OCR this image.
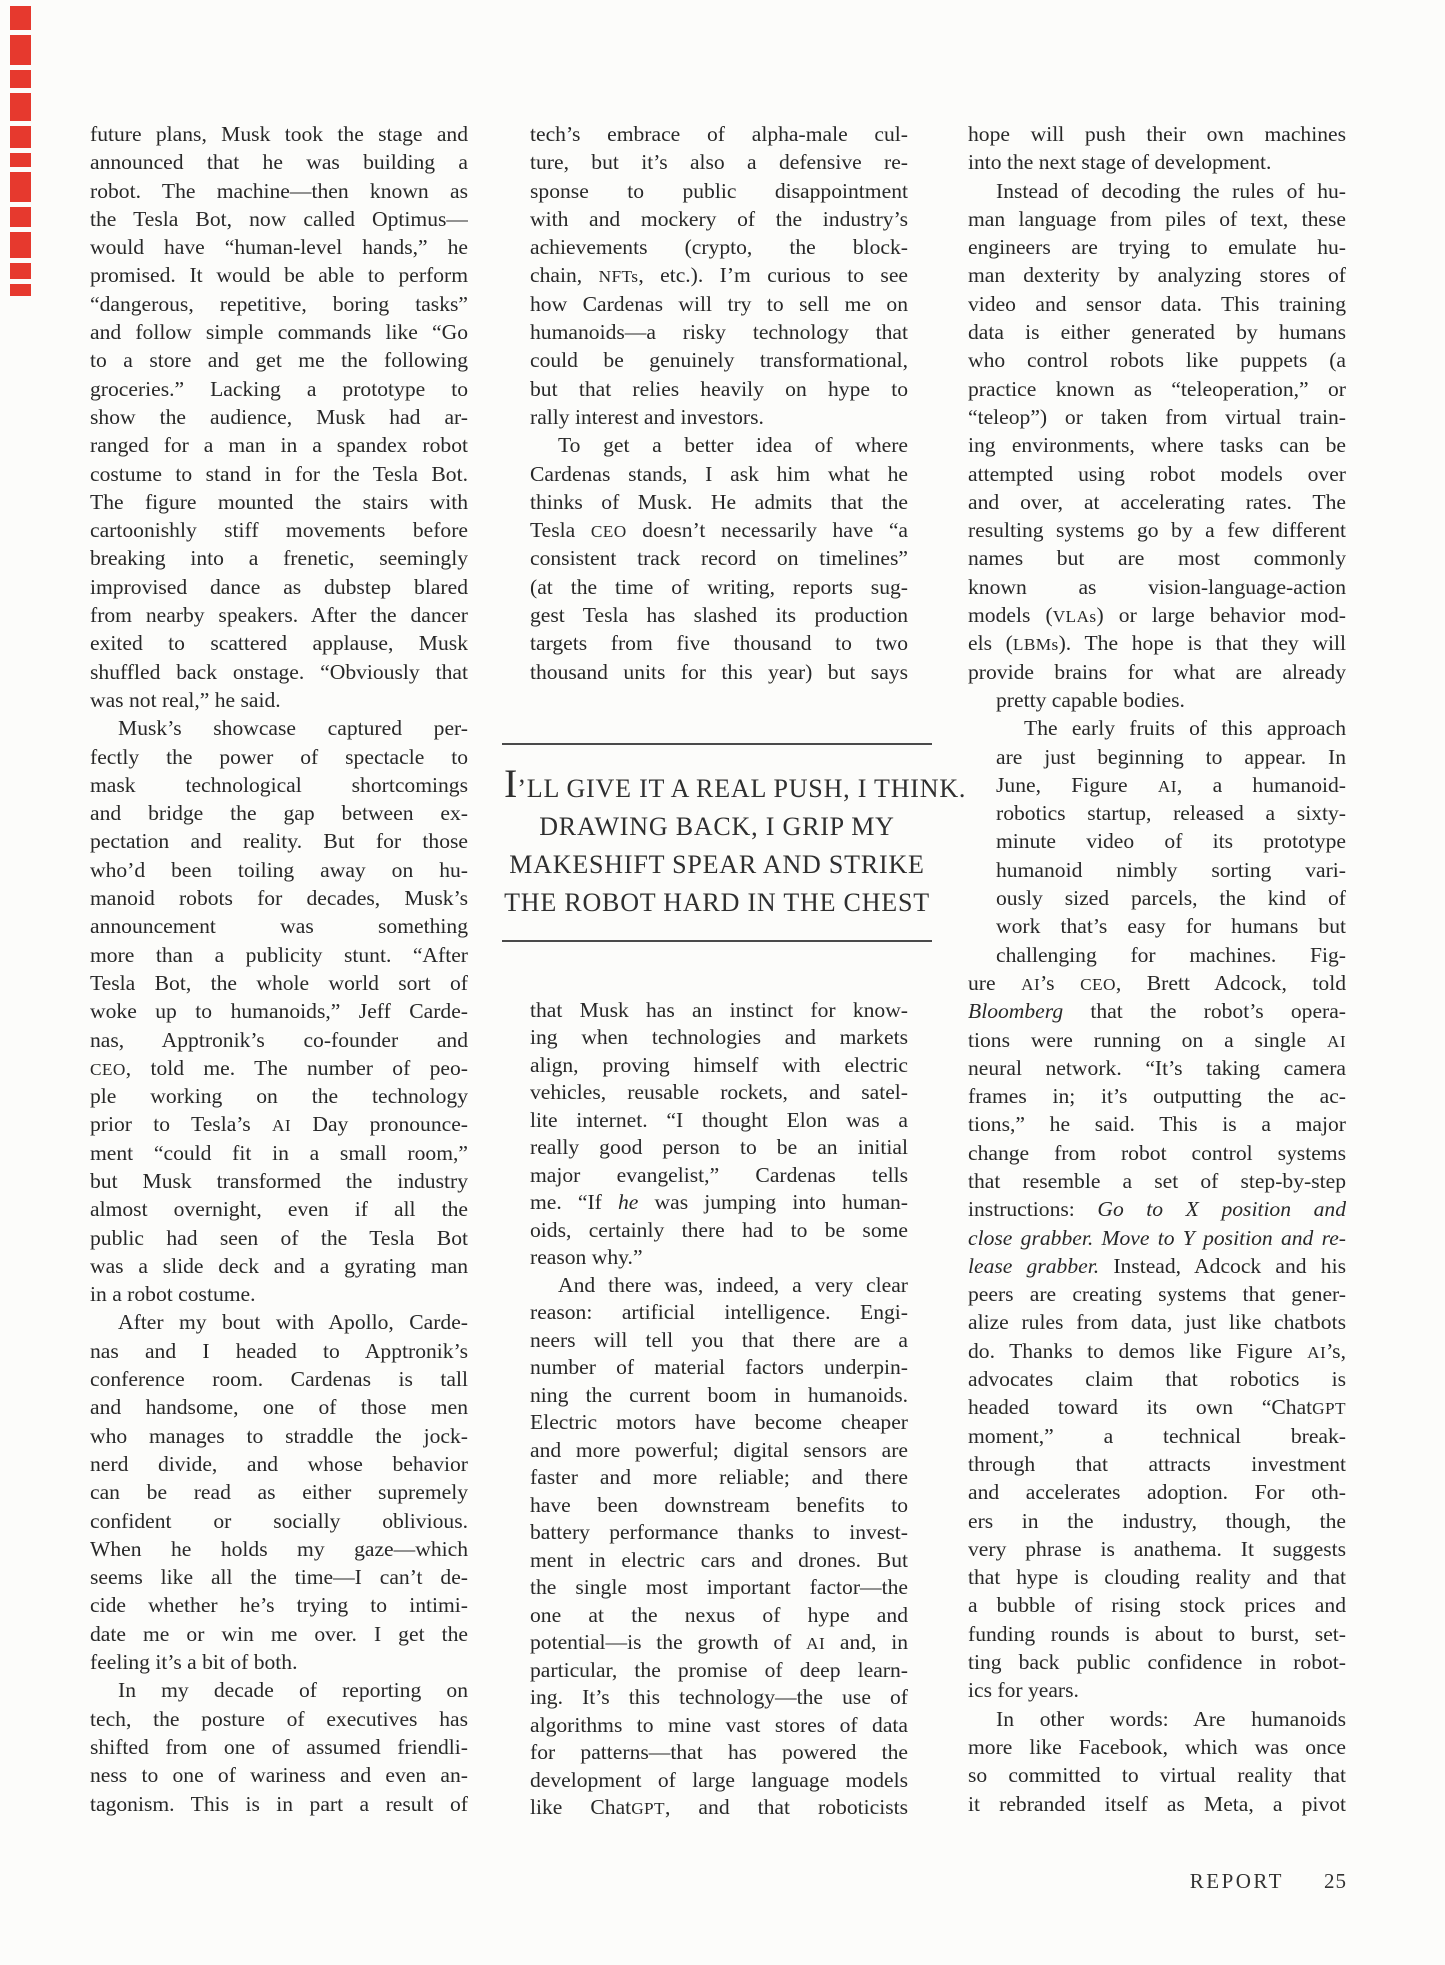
future plans, Musk took the stage and
announced that he was building a
robot. The machine—then known as
the Tesla Bot, now called Optimus—
would have “human-level hands,” he
promised. It would be able to perform
“dangerous, repetitive, boring tasks”
and follow simple commands like “Go
to a store and get me the following
groceries.” Lacking a prototype to
show the audience, Musk had ar-
ranged for a man in a spandex robot
costume to stand in for the Tesla Bot.
The figure mounted the stairs with
cartoonishly stiff movements before
breaking into a frenetic, seemingly
improvised dance as dubstep blared
from nearby speakers. After the dancer
exited to scattered applause, Musk
shuffled back onstage. “Obviously that
was not real,” he said.
Musk’s showcase captured per-
fectly the power of spectacle to
mask technological shortcomings
and bridge the gap between ex-
pectation and reality. But for those
who’d been toiling away on hu-
manoid robots for decades, Musk’s
announcement was something
more than a publicity stunt. “After
Tesla Bot, the whole world sort of
woke up to humanoids,” Jeff Carde-
nas, Apptronik’s co-founder and
CEO, told me. The number of peo-
ple working on the technology
prior to Tesla’s AI Day pronounce-
ment “could fit in a small room,”
but Musk transformed the industry
almost overnight, even if all the
public had seen of the Tesla Bot
was a slide deck and a gyrating man
in a robot costume.
After my bout with Apollo, Carde-
nas and I headed to Apptronik’s
conference room. Cardenas is tall
and handsome, one of those men
who manages to straddle the jock-
nerd divide, and whose behavior
can be read as either supremely
confident or socially oblivious.
When he holds my gaze—which
seems like all the time—I can’t de-
cide whether he’s trying to intimi-
date me or win me over. I get the
feeling it’s a bit of both.
In my decade of reporting on
tech, the posture of executives has
shifted from one of assumed friendli-
ness to one of wariness and even an-
tagonism. This is in part a result of
tech’s embrace of alpha-male cul-
ture, but it’s also a defensive re-
sponse to public disappointment
with and mockery of the industry’s
achievements (crypto, the block-
chain, NFTs, etc.). I’m curious to see
how Cardenas will try to sell me on
humanoids—a risky technology that
could be genuinely transformational,
but that relies heavily on hype to
rally interest and investors.
To get a better idea of where
Cardenas stands, I ask him what he
thinks of Musk. He admits that the
Tesla CEO doesn’t necessarily have “a
consistent track record on timelines”
(at the time of writing, reports sug-
gest Tesla has slashed its production
targets from five thousand to two
thousand units for this year) but says
I’LL GIVE IT A REAL PUSH, I THINK.
DRAWING BACK, I GRIP MY
MAKESHIFT SPEAR AND STRIKE
THE ROBOT HARD IN THE CHEST
that Musk has an instinct for know-
ing when technologies and markets
align, proving himself with electric
vehicles, reusable rockets, and satel-
lite internet. “I thought Elon was a
really good person to be an initial
major evangelist,” Cardenas tells
me. “If he was jumping into human-
oids, certainly there had to be some
reason why.”
And there was, indeed, a very clear
reason: artificial intelligence. Engi-
neers will tell you that there are a
number of material factors underpin-
ning the current boom in humanoids.
Electric motors have become cheaper
and more powerful; digital sensors are
faster and more reliable; and there
have been downstream benefits to
battery performance thanks to invest-
ment in electric cars and drones. But
the single most important factor—the
one at the nexus of hype and
potential—is the growth of AI and, in
particular, the promise of deep learn-
ing. It’s this technology—the use of
algorithms to mine vast stores of data
for patterns—that has powered the
development of large language models
like ChatGPT, and that roboticists
hope will push their own machines
into the next stage of development.
Instead of decoding the rules of hu-
man language from piles of text, these
engineers are trying to emulate hu-
man dexterity by analyzing stores of
video and sensor data. This training
data is either generated by humans
who control robots like puppets (a
practice known as “teleoperation,” or
“teleop”) or taken from virtual train-
ing environments, where tasks can be
attempted using robot models over
and over, at accelerating rates. The
resulting systems go by a few different
names but are most commonly
known as vision-language-action
models (VLAs) or large behavior mod-
els (LBMs). The hope is that they will
provide brains for what are already
pretty capable bodies.
The early fruits of this approach
are just beginning to appear. In
June, Figure AI, a humanoid-
robotics startup, released a sixty-
minute video of its prototype
humanoid nimbly sorting vari-
ously sized parcels, the kind of
work that’s easy for humans but
challenging for machines. Fig-
ure AI’s CEO, Brett Adcock, told
Bloomberg that the robot’s opera-
tions were running on a single AI
neural network. “It’s taking camera
frames in; it’s outputting the ac-
tions,” he said. This is a major
change from robot control systems
that resemble a set of step-by-step
instructions: Go to X position and
close grabber. Move to Y position and re-
lease grabber. Instead, Adcock and his
peers are creating systems that gener-
alize rules from data, just like chatbots
do. Thanks to demos like Figure AI’s,
advocates claim that robotics is
headed toward its own “ChatGPT
moment,” a technical break-
through that attracts investment
and accelerates adoption. For oth-
ers in the industry, though, the
very phrase is anathema. It suggests
that hype is clouding reality and that
a bubble of rising stock prices and
funding rounds is about to burst, set-
ting back public confidence in robot-
ics for years.
In other words: Are humanoids
more like Facebook, which was once
so committed to virtual reality that
it rebranded itself as Meta, a pivot
REPORT 25
